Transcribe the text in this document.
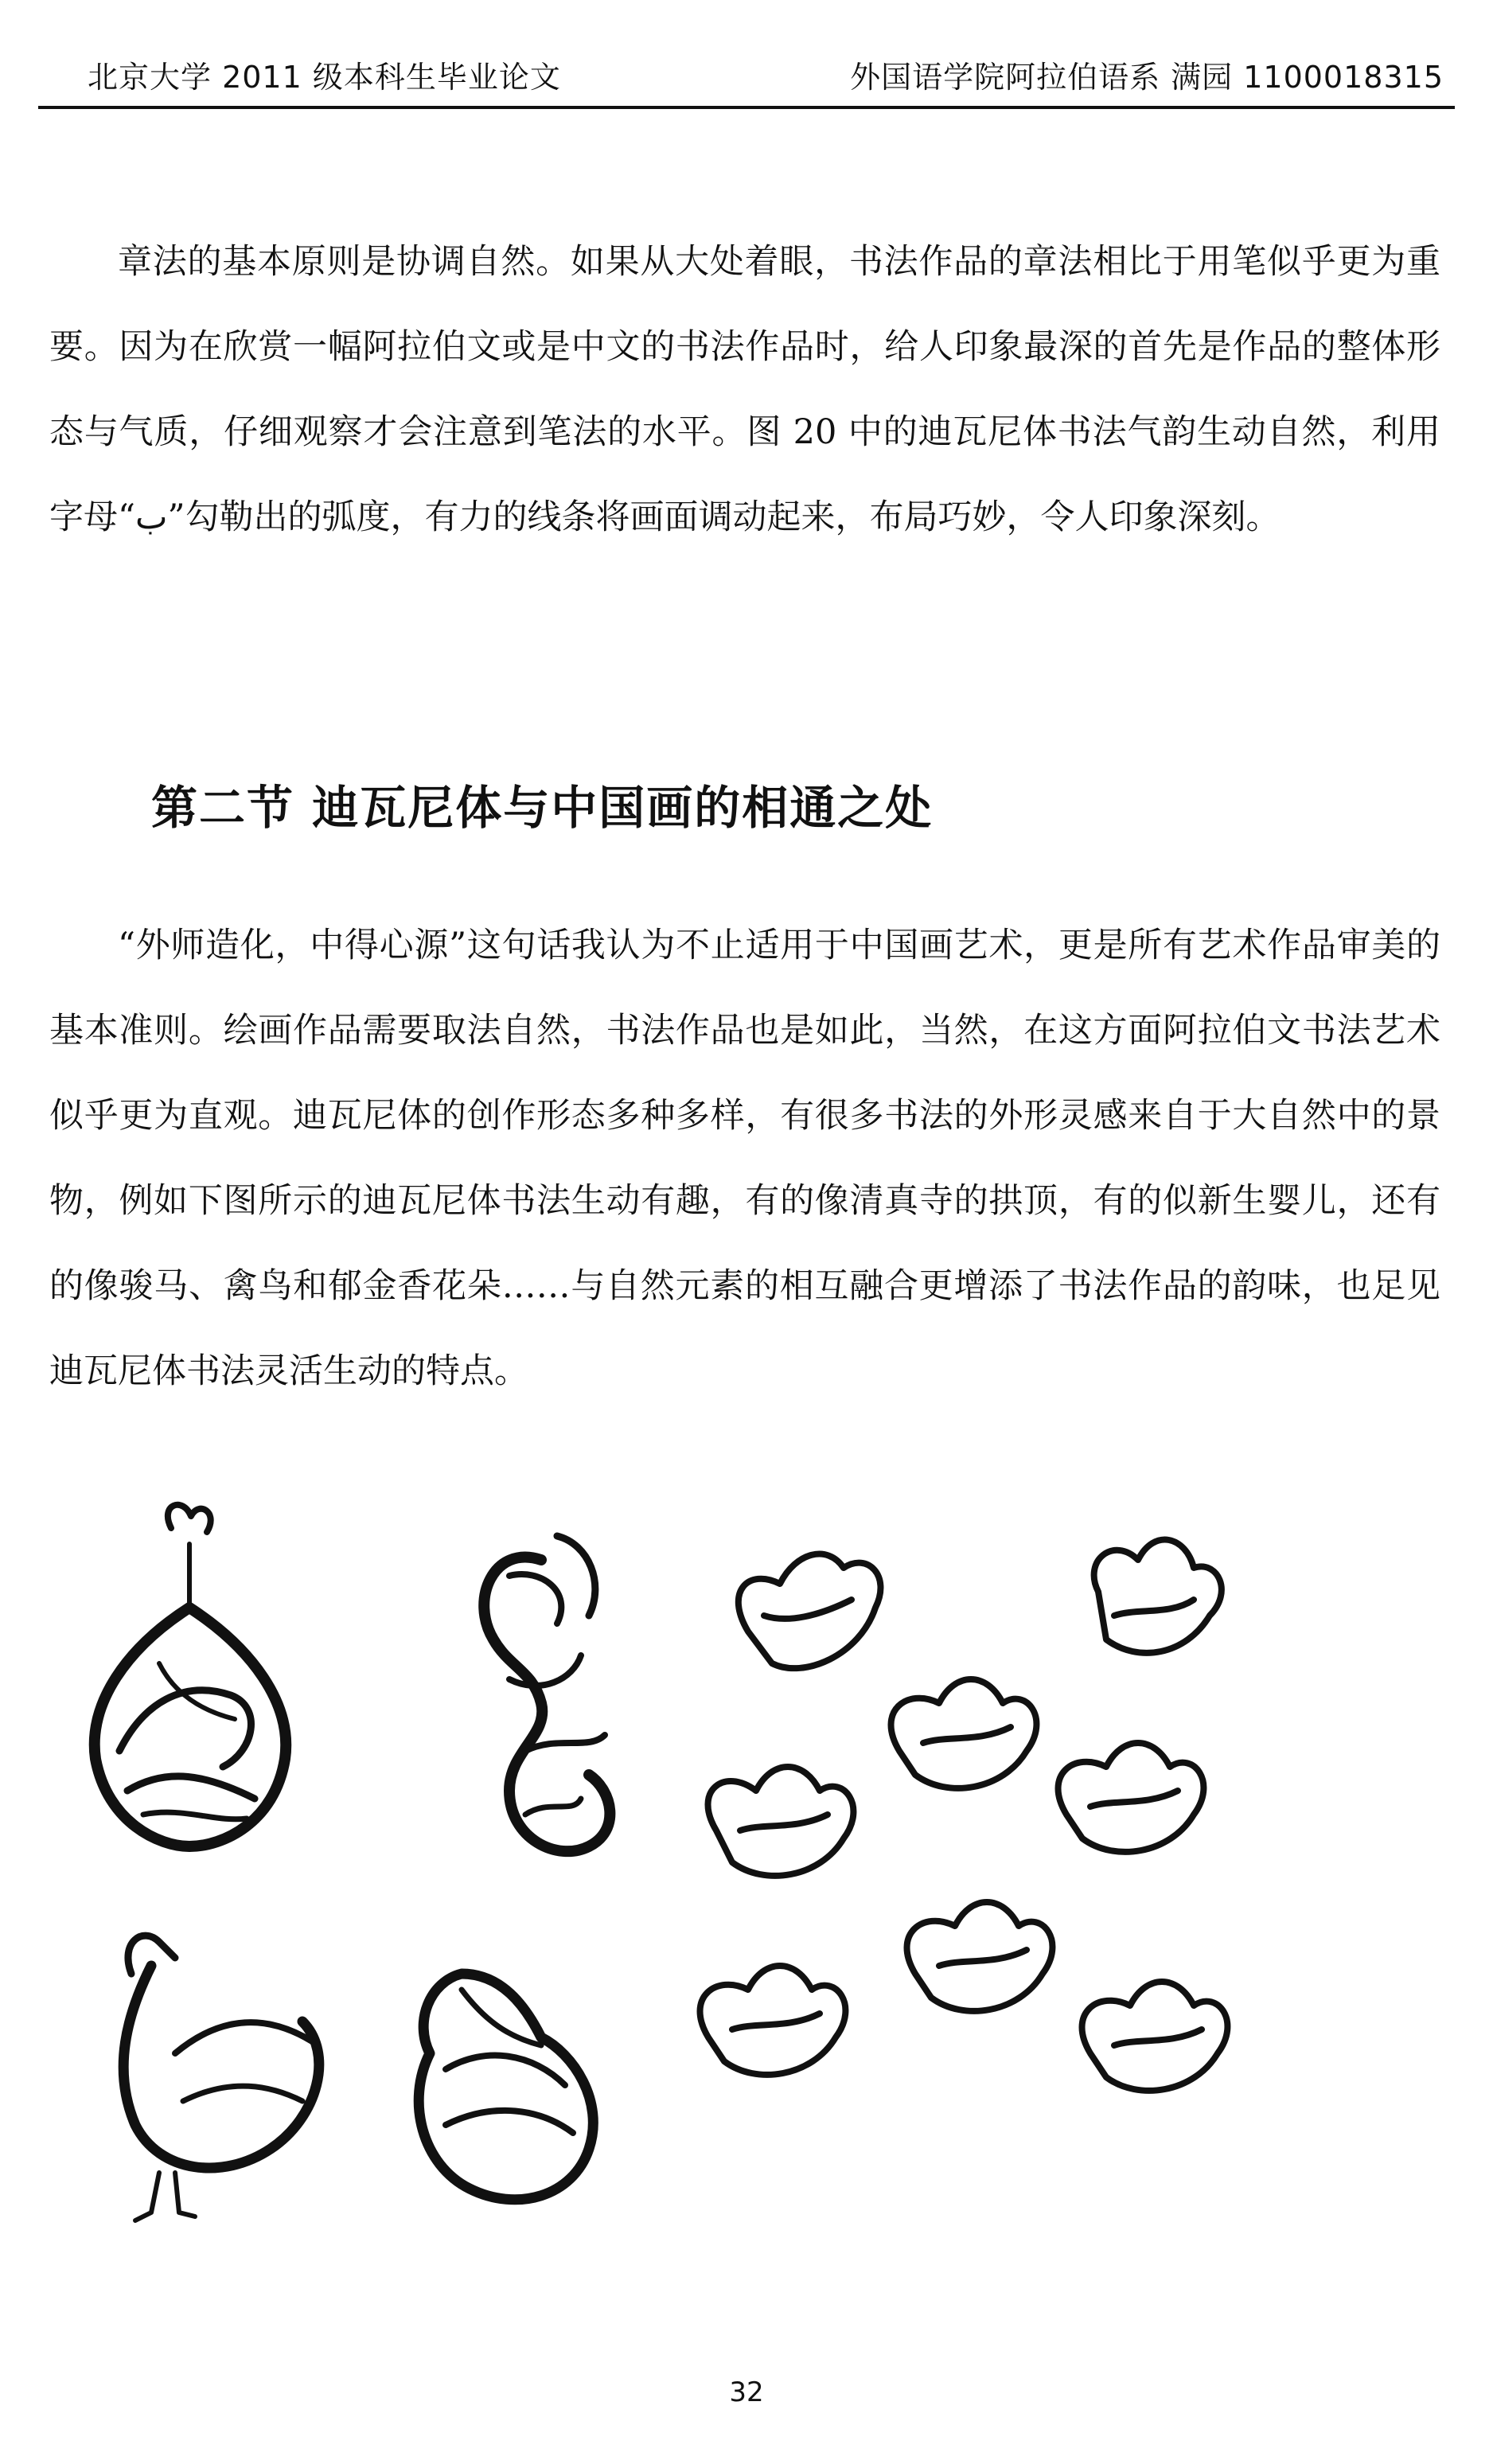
北京大学 2011 级本科生毕业论文	外国语学院阿拉伯语系 满园 1100018315

章法的基本原则是协调自然。如果从大处着眼，书法作品的章法相比于用笔似乎更为重要。因为在欣赏一幅阿拉伯文或是中文的书法作品时，给人印象最深的首先是作品的整体形态与气质，仔细观察才会注意到笔法的水平。图 20 中的迪瓦尼体书法气韵生动自然，利用字母“ب”勾勒出的弧度，有力的线条将画面调动起来，布局巧妙，令人印象深刻。

第二节 迪瓦尼体与中国画的相通之处

“外师造化，中得心源”这句话我认为不止适用于中国画艺术，更是所有艺术作品审美的基本准则。绘画作品需要取法自然，书法作品也是如此，当然，在这方面阿拉伯文书法艺术似乎更为直观。迪瓦尼体的创作形态多种多样，有很多书法的外形灵感来自于大自然中的景物，例如下图所示的迪瓦尼体书法生动有趣，有的像清真寺的拱顶，有的似新生婴儿，还有的像骏马、禽鸟和郁金香花朵……与自然元素的相互融合更增添了书法作品的韵味，也足见迪瓦尼体书法灵活生动的特点。

32
